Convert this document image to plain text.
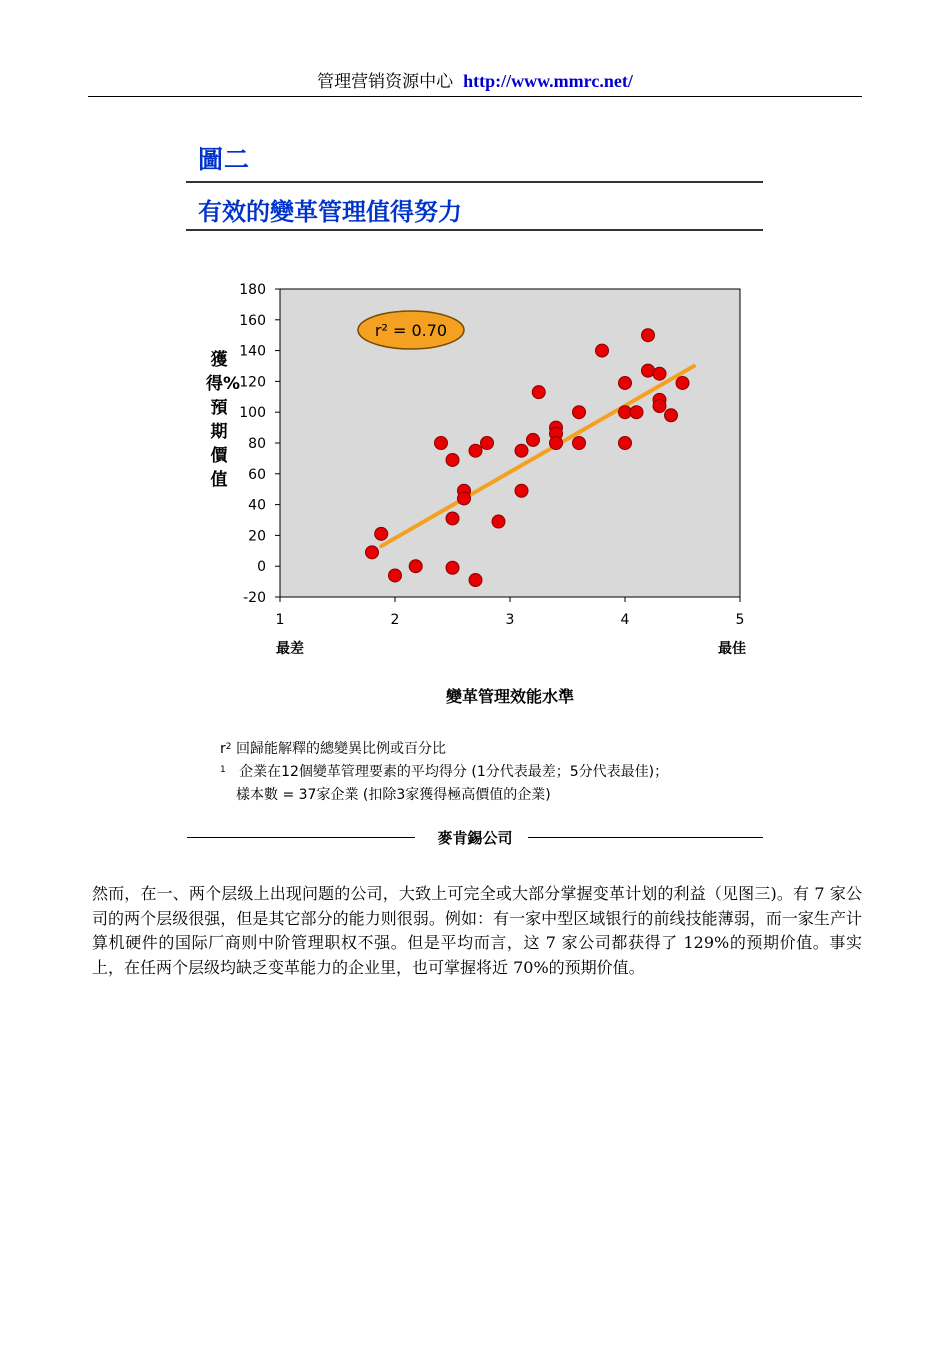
管理营销资源中心 http://www.mmrc.net/
圖二
有效的變革管理值得努力
-20
0
20
40
60
80
100
120
140
160
180
1	2	3	4	5
最差	最佳
r² = 0.70
獲得%預期價值
變革管理效能水準
$r^2$ 回歸能解釋的總變異比例或百分比
$^1$ 企業在12個變革管理要素的平均得分 (1分代表最差；5分代表最佳)；
樣本數 = 37家企業 (扣除3家獲得極高價值的企業)
麥肯錫公司
然而，在一、两个层级上出现问题的公司，大致上可完全或大部分掌握变革计划的利益（见图三)。有 7 家公司的两个层级很强，但是其它部分的能力则很弱。例如：有一家中型区域银行的前线技能薄弱，而一家生产计算机硬件的国际厂商则中阶管理职权不强。但是平均而言，这 7 家公司都获得了 129%的预期价值。事实上，在任两个层级均缺乏变革能力的企业里，也可掌握将近 70%的预期价值。
